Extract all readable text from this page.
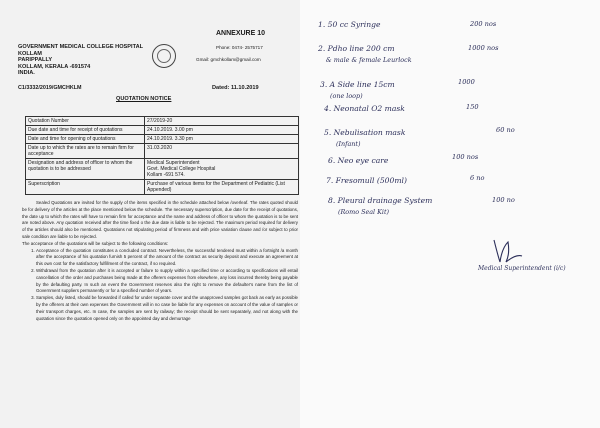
ANNEXURE 10
GOVERNMENT MEDICAL COLLEGE HOSPITAL
KOLLAM
PARIPPALLY
KOLLAM, KERALA -691574
INDIA.
Phone: 0474- 2575717
Gmail: gmchkollam@gmail.com
C1/3332/2019/GMCHKLM	Dated: 11.10.2019
QUOTATION NOTICE
Quotation Number	27/2019-20
Due date and time for receipt of quotations	24.10.2019. 3.00 pm
Date and time for opening of quotations	24.10.2019. 3.30 pm
Date up to which the rates are to remain firm for acceptance	31.03.2020
Designation and address of officer to whom the quotation is to be addressed	Medical Superintendent
Govt. Medical College Hospital
Kollam -691 574.
Superscription	Purchase of various items for the Department of Pediatric (List Appended)

Sealed Quotations are invited for the supply of the items specified in the schedule attached below /overleaf. The rates quoted should be for delivery of the articles at the place mentioned below the schedule. The necessary superscription, due date for the receipt of quotations, the date up to which the rates will have to remain firm for acceptance and the name and address of officer to whom the quotation is to be sent are noted above. Any quotation received after the time fixed o the due date is liable to be rejected. The maximum period required for delivery of the articles should also be mentioned. Quotations not stipulating period of firmness and with price variation clause and /or subject to prior sale condition are liable to be rejected.

The acceptance of the quotations will be subject to the following conditions:

1. Acceptance of the quotation constitutes a concluded contract. Nevertheless, the successful tendered must within a fortnight /a month after the acceptance of his quotation furnish 5 percent of the amount of the contract as security deposit and execute an agreement at this own cost for the satisfactory fulfillment of the contract, if so required.
2. Withdrawal from the quotation after it is accepted or failure to supply within a specified time or according to specifications will entail cancellation of the order and purchases being made at the offerers expenses from elsewhere, any loss incurred thereby being payable by the defaulting party. In such an event the Government reserves also the right to remove the defaulter's name from the list of Government suppliers permanently or for a specified number of years.
3. Samples, duly listed, should be forwarded if called for under separate cover and the unapproved samples got back as early as possible by the offerers at their own expenses the Government will in no case be liable for any expenses on account of the value of samples or their transport charges, etc. In case, the samples are sent by railway; the receipt should be sent separately, and not along with the quotation since the quotation opened only on the appointed day and demurrage
1. 50 cc Syringe	200 nos
2. Pdho line 200 cm	1000 nos
& male & female Leurlock
3. A Side line 15cm	1000
(one loop)
4. Neonatal O2 mask	150
5. Nebulisation mask	60 no
(Infant)
6. Neo eye care	100 nos
7. Fresomull (500ml)	6 no
8. Pleural drainage System	100 no
(Romo Seal Kit)
Medical Superintendent (i/c)
